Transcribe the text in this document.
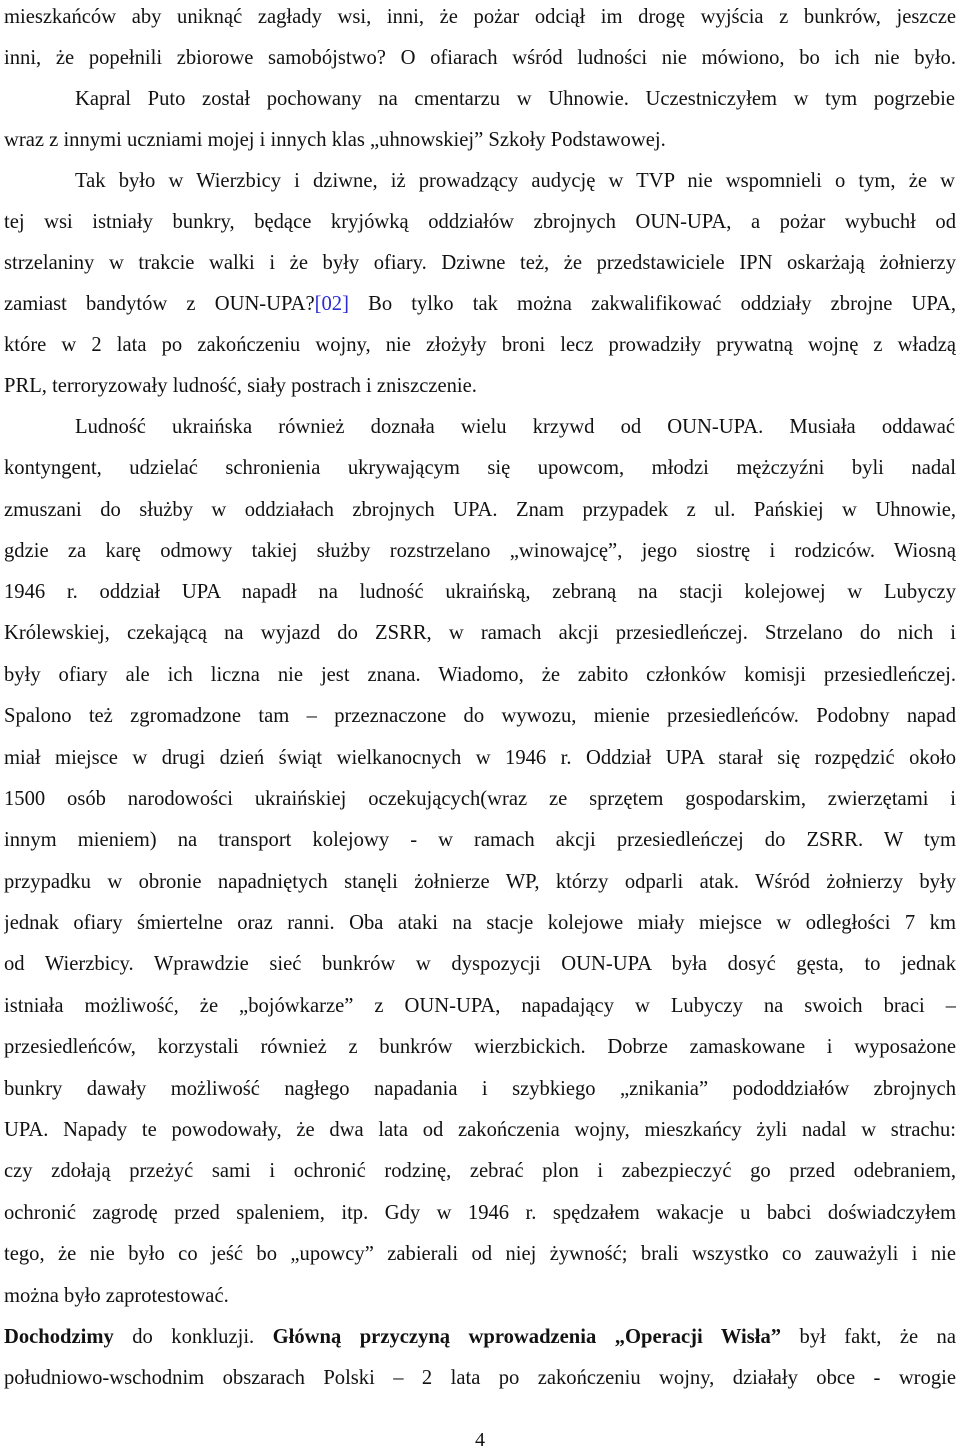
mieszkańców aby uniknąć zagłady wsi, inni, że pożar odciął im drogę wyjścia z bunkrów, jeszcze
inni, że popełnili zbiorowe samobójstwo? O ofiarach wśród ludności nie mówiono, bo ich nie było.
Kapral Puto został pochowany na cmentarzu w Uhnowie. Uczestniczyłem w tym pogrzebie
wraz z innymi uczniami mojej i innych klas „uhnowskiej” Szkoły Podstawowej.
Tak było w Wierzbicy i dziwne, iż prowadzący audycję w TVP nie wspomnieli o tym, że w
tej wsi istniały bunkry, będące kryjówką oddziałów zbrojnych OUN-UPA, a pożar wybuchł od
strzelaniny w trakcie walki i że były ofiary. Dziwne też, że przedstawiciele IPN oskarżają żołnierzy
zamiast bandytów z OUN-UPA?[02] Bo tylko tak można zakwalifikować oddziały zbrojne UPA,
które w 2 lata po zakończeniu wojny, nie złożyły broni lecz prowadziły prywatną wojnę z władzą
PRL, terroryzowały ludność, siały postrach i zniszczenie.
Ludność ukraińska również doznała wielu krzywd od OUN-UPA. Musiała oddawać
kontyngent, udzielać schronienia ukrywającym się upowcom, młodzi mężczyźni byli nadal
zmuszani do służby w oddziałach zbrojnych UPA. Znam przypadek z ul. Pańskiej w Uhnowie,
gdzie za karę odmowy takiej służby rozstrzelano „winowajcę”, jego siostrę i rodziców. Wiosną
1946 r. oddział UPA napadł na ludność ukraińską, zebraną na stacji kolejowej w Lubyczy
Królewskiej, czekającą na wyjazd do ZSRR, w ramach akcji przesiedleńczej. Strzelano do nich i
były ofiary ale ich liczna nie jest znana. Wiadomo, że zabito członków komisji przesiedleńczej.
Spalono też zgromadzone tam – przeznaczone do wywozu, mienie przesiedleńców. Podobny napad
miał miejsce w drugi dzień świąt wielkanocnych w 1946 r. Oddział UPA starał się rozpędzić około
1500 osób narodowości ukraińskiej oczekujących(wraz ze sprzętem gospodarskim, zwierzętami i
innym mieniem) na transport kolejowy - w ramach akcji przesiedleńczej do ZSRR. W tym
przypadku w obronie napadniętych stanęli żołnierze WP, którzy odparli atak. Wśród żołnierzy były
jednak ofiary śmiertelne oraz ranni. Oba ataki na stacje kolejowe miały miejsce w odległości 7 km
od Wierzbicy. Wprawdzie sieć bunkrów w dyspozycji OUN-UPA była dosyć gęsta, to jednak
istniała możliwość, że „bojówkarze” z OUN-UPA, napadający w Lubyczy na swoich braci –
przesiedleńców, korzystali również z bunkrów wierzbickich. Dobrze zamaskowane i wyposażone
bunkry dawały możliwość nagłego napadania i szybkiego „znikania” pododdziałów zbrojnych
UPA. Napady te powodowały, że dwa lata od zakończenia wojny, mieszkańcy żyli nadal w strachu:
czy zdołają przeżyć sami i ochronić rodzinę, zebrać plon i zabezpieczyć go przed odebraniem,
ochronić zagrodę przed spaleniem, itp. Gdy w 1946 r. spędzałem wakacje u babci doświadczyłem
tego, że nie było co jeść bo „upowcy” zabierali od niej żywność; brali wszystko co zauważyli i nie
można było zaprotestować.
Dochodzimy do konkluzji. Główną przyczyną wprowadzenia „Operacji Wisła” był fakt, że na
południowo-wschodnim obszarach Polski – 2 lata po zakończeniu wojny, działały obce - wrogie
4
